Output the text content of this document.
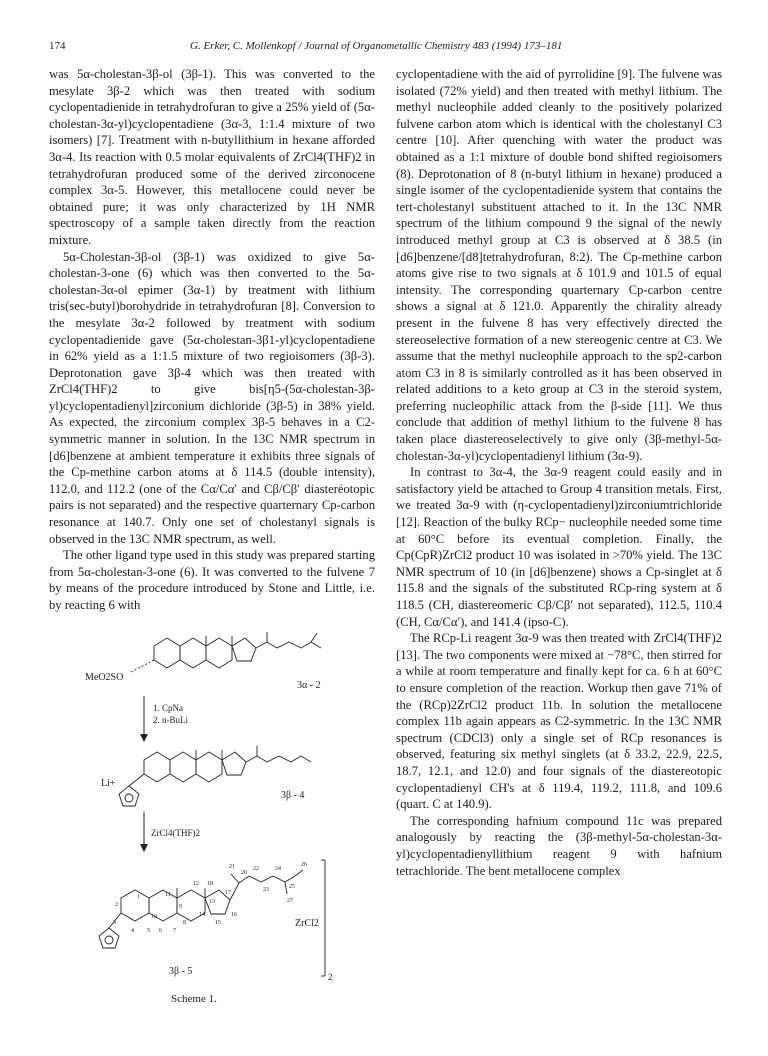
174	G. Erker, C. Mollenkopf / Journal of Organometallic Chemistry 483 (1994) 173–181

was 5α-cholestan-3β-ol (3β-1). This was converted to the mesylate 3β-2 which was then treated with sodium cyclopentadienide in tetrahydrofuran to give a 25% yield of (5α-cholestan-3α-yl)cyclopentadiene (3α-3, 1:1.4 mixture of two isomers) [7]. Treatment with n-butyllithium in hexane afforded 3α-4. Its reaction with 0.5 molar equivalents of ZrCl4(THF)2 in tetrahydrofuran produced some of the derived zirconocene complex 3α-5. However, this metallocene could never be obtained pure; it was only characterized by 1H NMR spectroscopy of a sample taken directly from the reaction mixture.

5α-Cholestan-3β-ol (3β-1) was oxidized to give 5α-cholestan-3-one (6) which was then converted to the 5α-cholestan-3α-ol epimer (3α-1) by treatment with lithium tris(sec-butyl)borohydride in tetrahydrofuran [8]. Conversion to the mesylate 3α-2 followed by treatment with sodium cyclopentadienide gave (5α-cholestan-3β1-yl)cyclopentadiene in 62% yield as a 1:1.5 mixture of two regioisomers (3β-3). Deprotonation gave 3β-4 which was then treated with ZrCl4(THF)2 to give bis[η5-(5α-cholestan-3β-yl)cyclopentadienyl]zirconium dichloride (3β-5) in 38% yield. As expected, the zirconium complex 3β-5 behaves in a C2-symmetric manner in solution. In the 13C NMR spectrum in [d6]benzene at ambient temperature it exhibits three signals of the Cp-methine carbon atoms at δ 114.5 (double intensity), 112.0, and 112.2 (one of the Cα/Cα′ and Cβ/Cβ′ diasteréotopic pairs is not separated) and the respective quarternary Cp-carbon resonance at 140.7. Only one set of cholestanyl signals is observed in the 13C NMR spectrum, as well.

The other ligand type used in this study was prepared starting from 5α-cholestan-3-one (6). It was converted to the fulvene 7 by means of the procedure introduced by Stone and Little, i.e. by reacting 6 with

cyclopentadiene with the aid of pyrrolidine [9]. The fulvene was isolated (72% yield) and then treated with methyl lithium. The methyl nucleophile added cleanly to the positively polarized fulvene carbon atom which is identical with the cholestanyl C3 centre [10]. After quenching with water the product was obtained as a 1:1 mixture of double bond shifted regioisomers (8). Deprotonation of 8 (n-butyl lithium in hexane) produced a single isomer of the cyclopentadienide system that contains the tert-cholestanyl substituent attached to it. In the 13C NMR spectrum of the lithium compound 9 the signal of the newly introduced methyl group at C3 is observed at δ 38.5 (in [d6]benzene/[d8]tetrahydrofuran, 8:2). The Cp-methine carbon atoms give rise to two signals at δ 101.9 and 101.5 of equal intensity. The corresponding quarternary Cp-carbon centre shows a signal at δ 121.0. Apparently the chirality already present in the fulvene 8 has very effectively directed the stereoselective formation of a new stereogenic centre at C3. We assume that the methyl nucleophile approach to the sp2-carbon atom C3 in 8 is similarly controlled as it has been observed in related additions to a keto group at C3 in the steroid system, preferring nucleophilic attack from the β-side [11]. We thus conclude that addition of methyl lithium to the fulvene 8 has taken place diastereoselectively to give only (3β-methyl-5α-cholestan-3α-yl)cyclopentadienyl lithium (3α-9).

In contrast to 3α-4, the 3α-9 reagent could easily and in satisfactory yield be attached to Group 4 transition metals. First, we treated 3α-9 with (η-cyclopentadienyl)zirconiumtrichloride [12]. Reaction of the bulky RCp− nucleophile needed some time at 60°C before its eventual completion. Finally, the Cp(CpR)ZrCl2 product 10 was isolated in >70% yield. The 13C NMR spectrum of 10 (in [d6]benzene) shows a Cp-singlet at δ 115.8 and the signals of the substituted RCp-ring system at δ 118.5 (CH, diastereomeric Cβ/Cβ′ not separated), 112.5, 110.4 (CH, Cα/Cα′), and 141.4 (ipso-C).

The RCp-Li reagent 3α-9 was then treated with ZrCl4(THF)2 [13]. The two components were mixed at −78°C, then stirred for a while at room temperature and finally kept for ca. 6 h at 60°C to ensure completion of the reaction. Workup then gave 71% of the (RCp)2ZrCl2 product 11b. In solution the metallocene complex 11b again appears as C2-symmetric. In the 13C NMR spectrum (CDCl3) only a single set of RCp resonances is observed, featuring six methyl singlets (at δ 33.2, 22.9, 22.5, 18.7, 12.1, and 12.0) and four signals of the diastereotopic cyclopentadienyl CH's at δ 119.4, 119.2, 111.8, and 109.6 (quart. C at 140.9).

The corresponding hafnium compound 11c was prepared analogously by reacting the (3β-methyl-5α-cholestan-3α-yl)cyclopentadienyllithium reagent 9 with hafnium tetrachloride. The bent metallocene complex

3α - 2
MeO2SO
1. CpNa
2. n-BuLi
Li+
3β - 4
ZrCl4(THF)2
21
20
22	24
26
12 18
17	23	25
11
13
16
27
1
9
14
15
2
10
8
3
4 5 6 7
ZrCl2
2
3β - 5
Scheme 1.
